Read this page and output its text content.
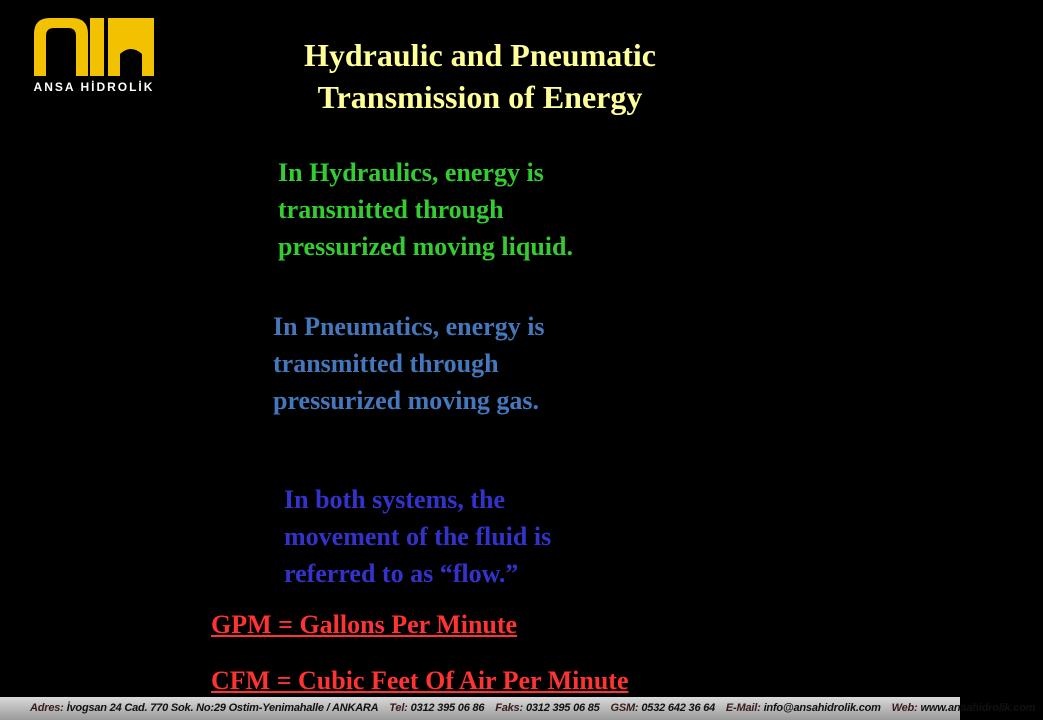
ANSA HİDROLİK
Hydraulic and Pneumatic
Transmission of Energy
In Hydraulics, energy is
transmitted through
pressurized moving liquid.
In Pneumatics, energy is
transmitted through
pressurized moving gas.
In both systems, the
movement of the fluid is
referred to as “flow.”
GPM = Gallons Per Minute
CFM = Cubic Feet Of Air Per Minute
Adres: İvogsan 24 Cad. 770 Sok. No:29 Ostim-Yenimahalle / ANKARA Tel: 0312 395 06 86 Faks: 0312 395 06 85 GSM: 0532 642 36 64 E-Mail: info@ansahidrolik.com Web: www.ansahidrolik.com
